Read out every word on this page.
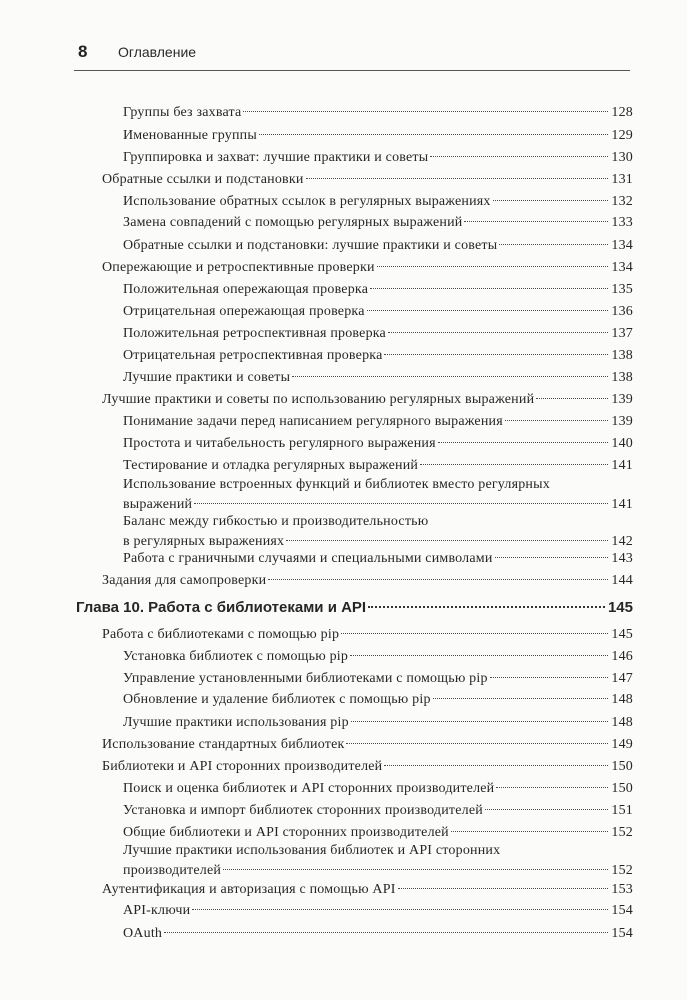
8 Оглавление
Группы без захвата	128
Именованные группы	129
Группировка и захват: лучшие практики и советы	130
Обратные ссылки и подстановки	131
Использование обратных ссылок в регулярных выражениях	132
Замена совпадений с помощью регулярных выражений	133
Обратные ссылки и подстановки: лучшие практики и советы	134
Опережающие и ретроспективные проверки	134
Положительная опережающая проверка	135
Отрицательная опережающая проверка	136
Положительная ретроспективная проверка	137
Отрицательная ретроспективная проверка	138
Лучшие практики и советы	138
Лучшие практики и советы по использованию регулярных выражений	139
Понимание задачи перед написанием регулярного выражения	139
Простота и читабельность регулярного выражения	140
Тестирование и отладка регулярных выражений	141
Использование встроенных функций и библиотек вместо регулярных
выражений	141
Баланс между гибкостью и производительностью
в регулярных выражениях	142
Работа с граничными случаями и специальными символами	143
Задания для самопроверки	144
Глава 10. Работа с библиотеками и API	145
Работа с библиотеками с помощью pip	145
Установка библиотек с помощью pip	146
Управление установленными библиотеками с помощью pip	147
Обновление и удаление библиотек с помощью pip	148
Лучшие практики использования pip	148
Использование стандартных библиотек	149
Библиотеки и API сторонних производителей	150
Поиск и оценка библиотек и API сторонних производителей	150
Установка и импорт библиотек сторонних производителей	151
Общие библиотеки и API сторонних производителей	152
Лучшие практики использования библиотек и API сторонних
производителей	152
Аутентификация и авторизация с помощью API	153
API-ключи	154
OAuth	154
